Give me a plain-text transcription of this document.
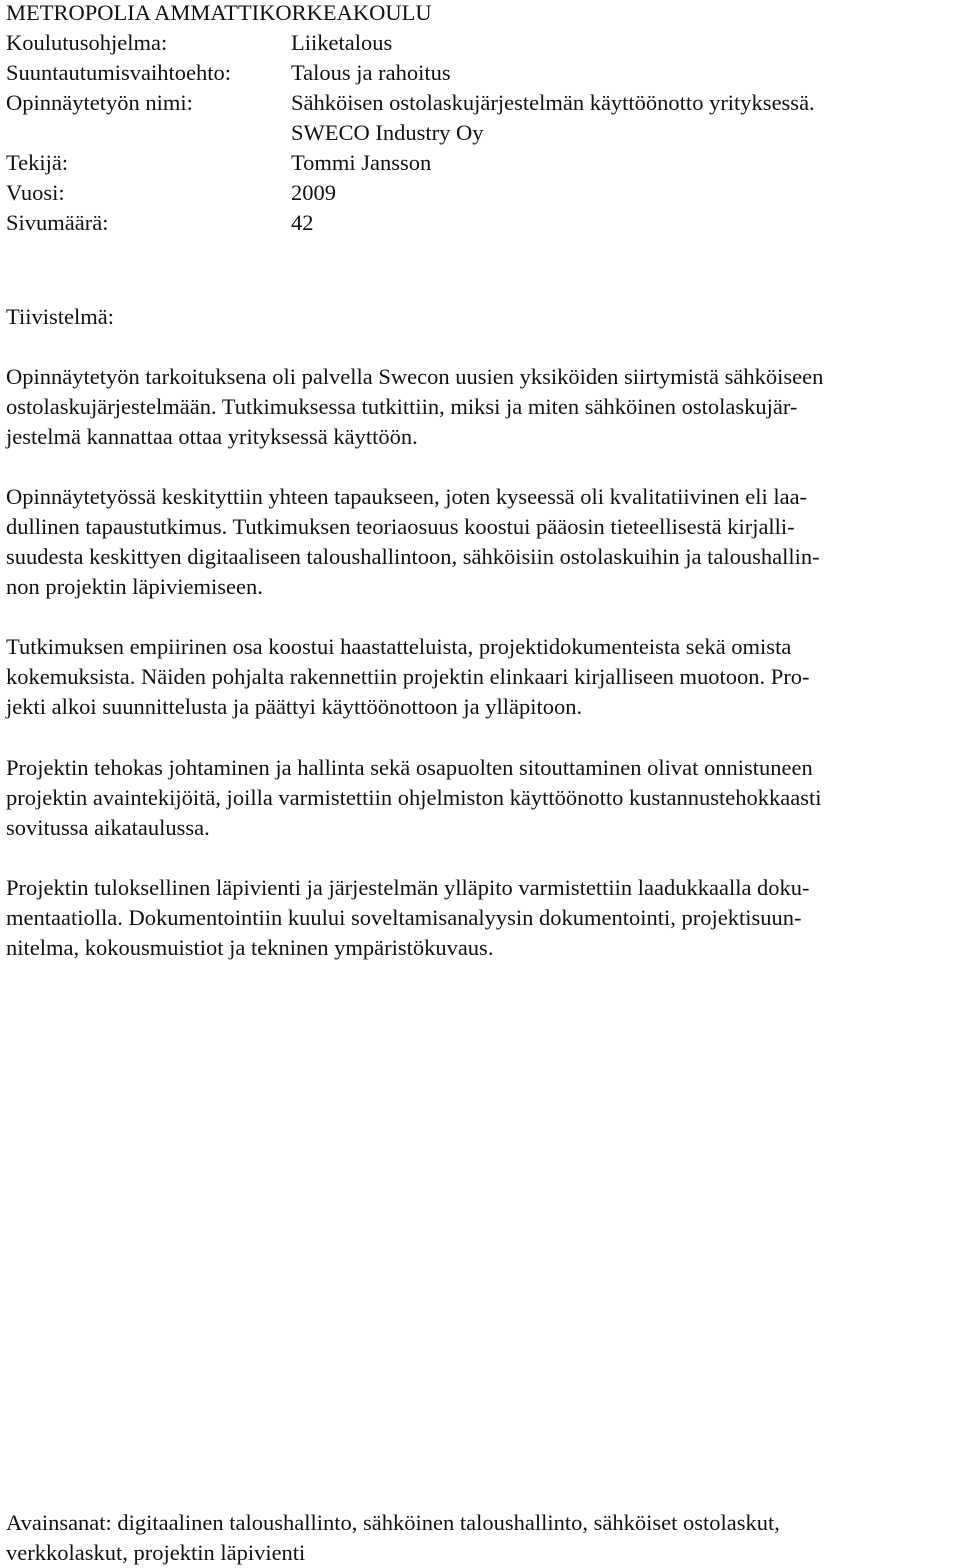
METROPOLIA AMMATTIKORKEAKOULU
Koulutusohjelma:	Liiketalous
Suuntautumisvaihtoehto:	Talous ja rahoitus
Opinnäytetyön nimi:	Sähköisen ostolaskujärjestelmän käyttöönotto yrityksessä.
SWECO Industry Oy
Tekijä:	Tommi Jansson
Vuosi:	2009
Sivumäärä:	42
Tiivistelmä:

Opinnäytetyön tarkoituksena oli palvella Swecon uusien yksiköiden siirtymistä sähköiseen
ostolaskujärjestelmään. Tutkimuksessa tutkittiin, miksi ja miten sähköinen ostolaskujär-
jestelmä kannattaa ottaa yrityksessä käyttöön.

Opinnäytetyössä keskityttiin yhteen tapaukseen, joten kyseessä oli kvalitatiivinen eli laa-
dullinen tapaustutkimus. Tutkimuksen teoriaosuus koostui pääosin tieteellisestä kirjalli-
suudesta keskittyen digitaaliseen taloushallintoon, sähköisiin ostolaskuihin ja taloushallin-
non projektin läpiviemiseen.

Tutkimuksen empiirinen osa koostui haastatteluista, projektidokumenteista sekä omista
kokemuksista. Näiden pohjalta rakennettiin projektin elinkaari kirjalliseen muotoon. Pro-
jekti alkoi suunnittelusta ja päättyi käyttöönottoon ja ylläpitoon.

Projektin tehokas johtaminen ja hallinta sekä osapuolten sitouttaminen olivat onnistuneen
projektin avaintekijöitä, joilla varmistettiin ohjelmiston käyttöönotto kustannustehokkaasti
sovitussa aikataulussa.

Projektin tuloksellinen läpivienti ja järjestelmän ylläpito varmistettiin laadukkaalla doku-
mentaatiolla. Dokumentointiin kuului soveltamisanalyysin dokumentointi, projektisuun-
nitelma, kokousmuistiot ja tekninen ympäristökuvaus.

Avainsanat: digitaalinen taloushallinto, sähköinen taloushallinto, sähköiset ostolaskut,
verkkolaskut, projektin läpivienti
